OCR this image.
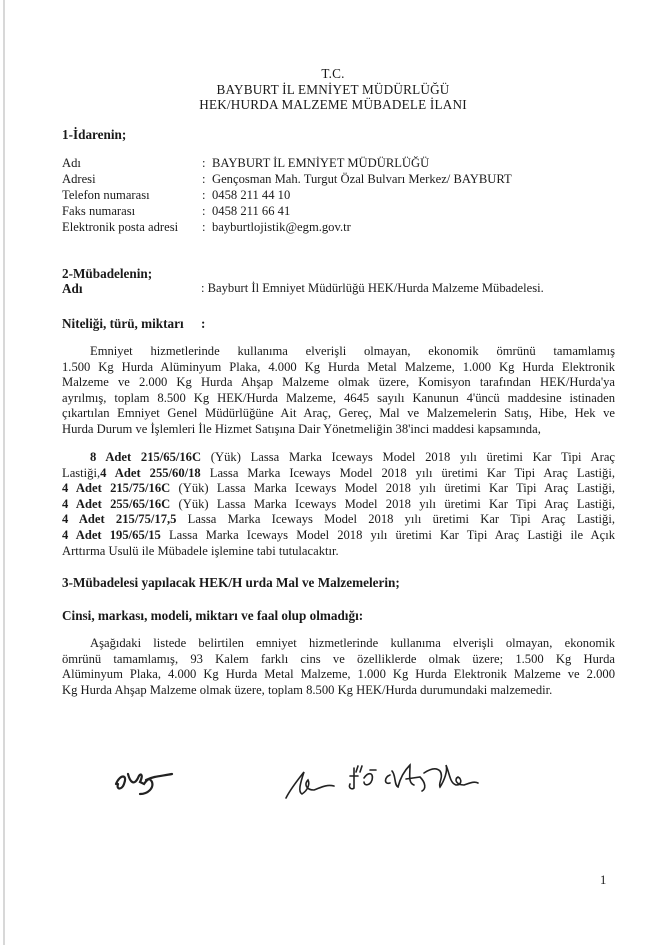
T.C.
BAYBURT İL EMNİYET MÜDÜRLÜĞÜ
HEK/HURDA MALZEME MÜBADELE İLANI
1-İdarenin;
Adı	: BAYBURT İL EMNİYET MÜDÜRLÜĞÜ
Adresi	: Gençosman Mah. Turgut Özal Bulvarı Merkez/ BAYBURT
Telefon numarası	: 0458 211 44 10
Faks numarası	: 0458 211 66 41
Elektronik posta adresi : bayburtlojistik@egm.gov.tr
2-Mübadelenin;
Adı	: Bayburt İl Emniyet Müdürlüğü HEK/Hurda Malzeme Mübadelesi.
Niteliği, türü, miktarı :

Emniyet hizmetlerinde kullanıma elverişli olmayan, ekonomik ömrünü tamamlamış

1.500 Kg Hurda Alüminyum Plaka, 4.000 Kg Hurda Metal Malzeme, 1.000 Kg Hurda Elektronik

Malzeme ve 2.000 Kg Hurda Ahşap Malzeme olmak üzere, Komisyon tarafından HEK/Hurda'ya

ayrılmış, toplam 8.500 Kg HEK/Hurda Malzeme, 4645 sayılı Kanunun 4'üncü maddesine istinaden

çıkartılan Emniyet Genel Müdürlüğüne Ait Araç, Gereç, Mal ve Malzemelerin Satış, Hibe, Hek ve

Hurda Durum ve İşlemleri İle Hizmet Satışına Dair Yönetmeliğin 38'inci maddesi kapsamında,

8 Adet 215/65/16C (Yük) Lassa Marka Iceways Model 2018 yılı üretimi Kar Tipi Araç

Lastiği,4 Adet 255/60/18 Lassa Marka Iceways Model 2018 yılı üretimi Kar Tipi Araç Lastiği,

4 Adet 215/75/16C (Yük) Lassa Marka Iceways Model 2018 yılı üretimi Kar Tipi Araç Lastiği,

4 Adet 255/65/16C (Yük) Lassa Marka Iceways Model 2018 yılı üretimi Kar Tipi Araç Lastiği,

4 Adet 215/75/17,5 Lassa Marka Iceways Model 2018 yılı üretimi Kar Tipi Araç Lastiği,

4 Adet 195/65/15 Lassa Marka Iceways Model 2018 yılı üretimi Kar Tipi Araç Lastiği ile Açık

Arttırma Usulü ile Mübadele işlemine tabi tutulacaktır.

3-Mübadelesi yapılacak HEK/H urda Mal ve Malzemelerin;
Cinsi, markası, modeli, miktarı ve faal olup olmadığı:

Aşağıdaki listede belirtilen emniyet hizmetlerinde kullanıma elverişli olmayan, ekonomik

ömrünü tamamlamış, 93 Kalem farklı cins ve özelliklerde olmak üzere; 1.500 Kg Hurda

Alüminyum Plaka, 4.000 Kg Hurda Metal Malzeme, 1.000 Kg Hurda Elektronik Malzeme ve 2.000

Kg Hurda Ahşap Malzeme olmak üzere, toplam 8.500 Kg HEK/Hurda durumundaki malzemedir.

1
